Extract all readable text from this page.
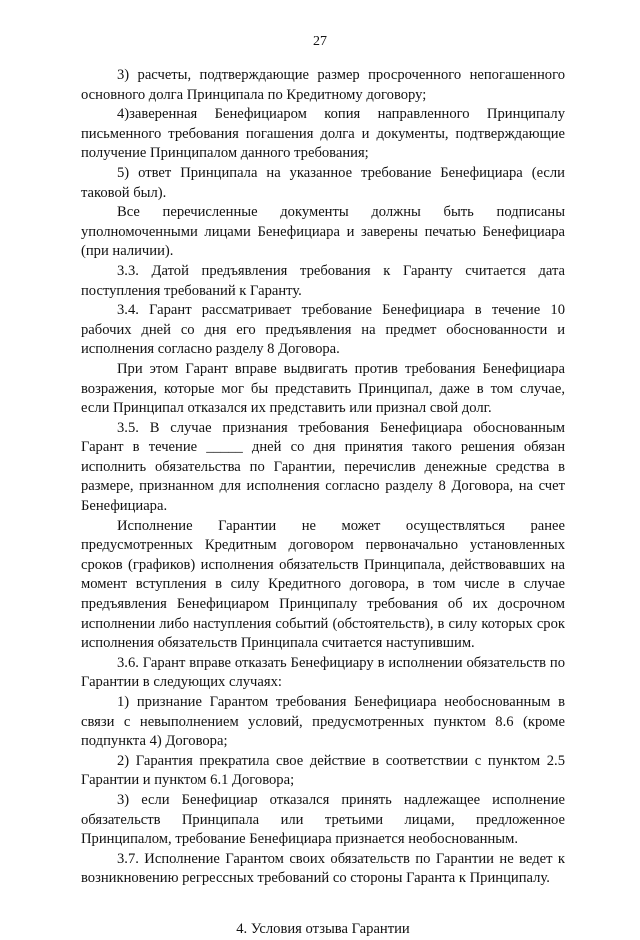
27

3) расчеты, подтверждающие размер просроченного непогашенного основного долга Принципала по Кредитному договору;

4)заверенная Бенефициаром копия направленного Принципалу письменного требования погашения долга и документы, подтверждающие получение Принципалом данного требования;

5) ответ Принципала на указанное требование Бенефициара (если таковой был).

Все перечисленные документы должны быть подписаны уполномоченными лицами Бенефициара и заверены печатью Бенефициара (при наличии).

3.3. Датой предъявления требования к Гаранту считается дата поступления требований к Гаранту.

3.4. Гарант рассматривает требование Бенефициара в течение 10 рабочих дней со дня его предъявления на предмет обоснованности и исполнения согласно разделу 8 Договора.

При этом Гарант вправе выдвигать против требования Бенефициара возражения, которые мог бы представить Принципал, даже в том случае, если Принципал отказался их представить или признал свой долг.

3.5. В случае признания требования Бенефициара обоснованным Гарант в течение _____ дней со дня принятия такого решения обязан исполнить обязательства по Гарантии, перечислив денежные средства в размере, признанном для исполнения согласно разделу 8 Договора, на счет Бенефициара.

Исполнение Гарантии не может осуществляться ранее предусмотренных Кредитным договором первоначально установленных сроков (графиков) исполнения обязательств Принципала, действовавших на момент вступления в силу Кредитного договора, в том числе в случае предъявления Бенефициаром Принципалу требования об их досрочном исполнении либо наступления событий (обстоятельств), в силу которых срок исполнения обязательств Принципала считается наступившим.

3.6. Гарант вправе отказать Бенефициару в исполнении обязательств по Гарантии в следующих случаях:

1) признание Гарантом требования Бенефициара необоснованным в связи с невыполнением условий, предусмотренных пунктом 8.6 (кроме подпункта 4) Договора;

2) Гарантия прекратила свое действие в соответствии с пунктом 2.5 Гарантии и пунктом 6.1 Договора;

3) если Бенефициар отказался принять надлежащее исполнение обязательств Принципала или третьими лицами, предложенное Принципалом, требование Бенефициара признается необоснованным.

3.7. Исполнение Гарантом своих обязательств по Гарантии не ведет к возникновению регрессных требований со стороны Гаранта к Принципалу.

4. Условия отзыва Гарантии
